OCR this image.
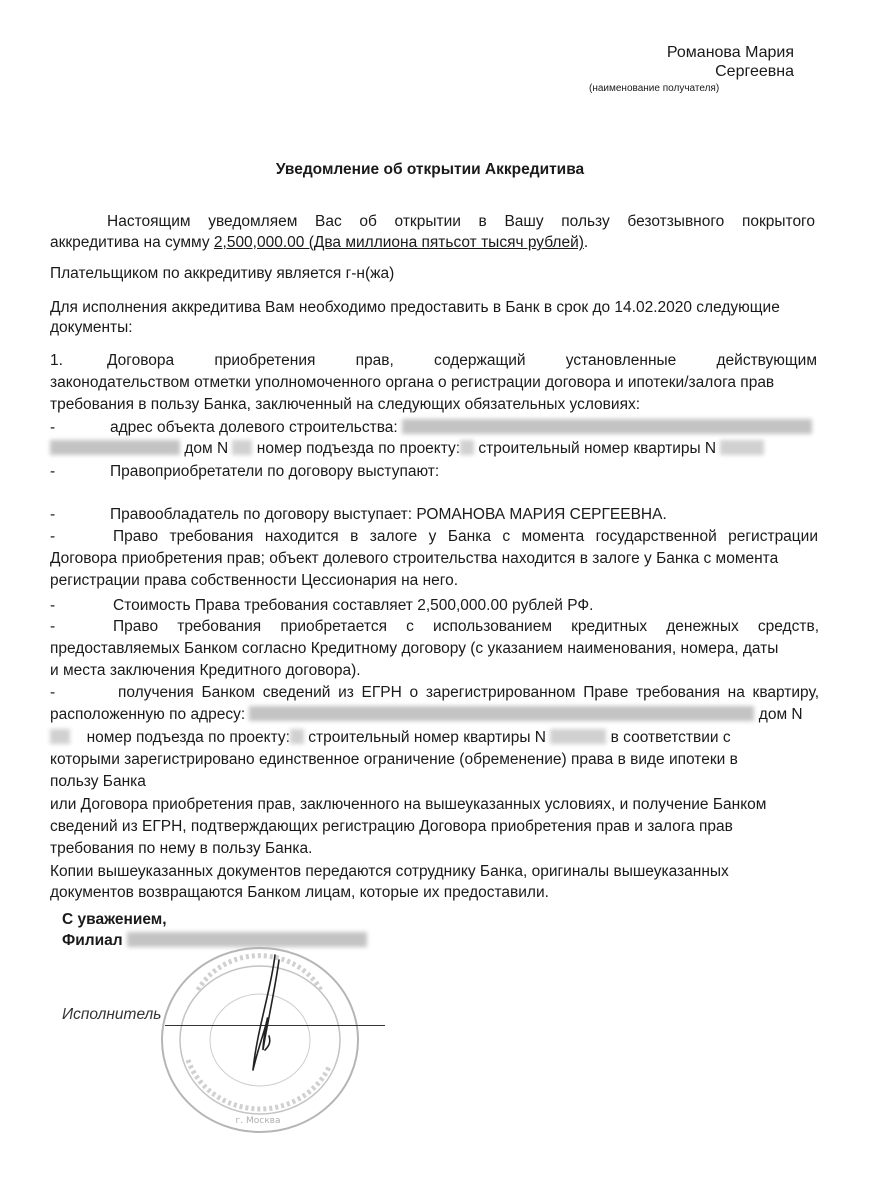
Романова Мария
Сергеевна
(наименование получателя)
Уведомление об открытии Аккредитива
Настоящим уведомляем Вас об открытии в Вашу пользу безотзывного покрытого
аккредитива на сумму 2,500,000.00 (Два миллиона пятьсот тысяч рублей).
Плательщиком по аккредитиву является г-н(жа)
Для исполнения аккредитива Вам необходимо предоставить в Банк в срок до 14.02.2020 следующие
документы:
1.	Договора приобретения прав, содержащий установленные действующим
законодательством отметки уполномоченного органа о регистрации договора и ипотеки/залога прав
требования в пользу Банка, заключенный на следующих обязательных условиях:
-	адрес объекта долевого строительства:
дом N номер подъезда по проекту: строительный номер квартиры N
-	Правоприобретатели по договору выступают:
-	Правообладатель по договору выступает: РОМАНОВА МАРИЯ СЕРГЕЕВНА.
-	Право требования находится в залоге у Банка с момента государственной регистрации
Договора приобретения прав; объект долевого строительства находится в залоге у Банка с момента
регистрации права собственности Цессионария на него.
-	Стоимость Права требования составляет 2,500,000.00 рублей РФ.
-	Право требования приобретается с использованием кредитных денежных средств,
предоставляемых Банком согласно Кредитному договору (с указанием наименования, номера, даты
и места заключения Кредитного договора).
-	получения Банком сведений из ЕГРН о зарегистрированном Праве требования на квартиру,
расположенную по адресу:	дом N
номер подъезда по проекту: строительный номер квартиры N	в соответствии с
которыми зарегистрировано единственное ограничение (обременение) права в виде ипотеки в
пользу Банка
или Договора приобретения прав, заключенного на вышеуказанных условиях, и получение Банком
сведений из ЕГРН, подтверждающих регистрацию Договора приобретения прав и залога прав
требования по нему в пользу Банка.
Копии вышеуказанных документов передаются сотруднику Банка, оригиналы вышеуказанных
документов возвращаются Банком лицам, которые их предоставили.
С уважением,
Филиал
г. Москва
Исполнитель
